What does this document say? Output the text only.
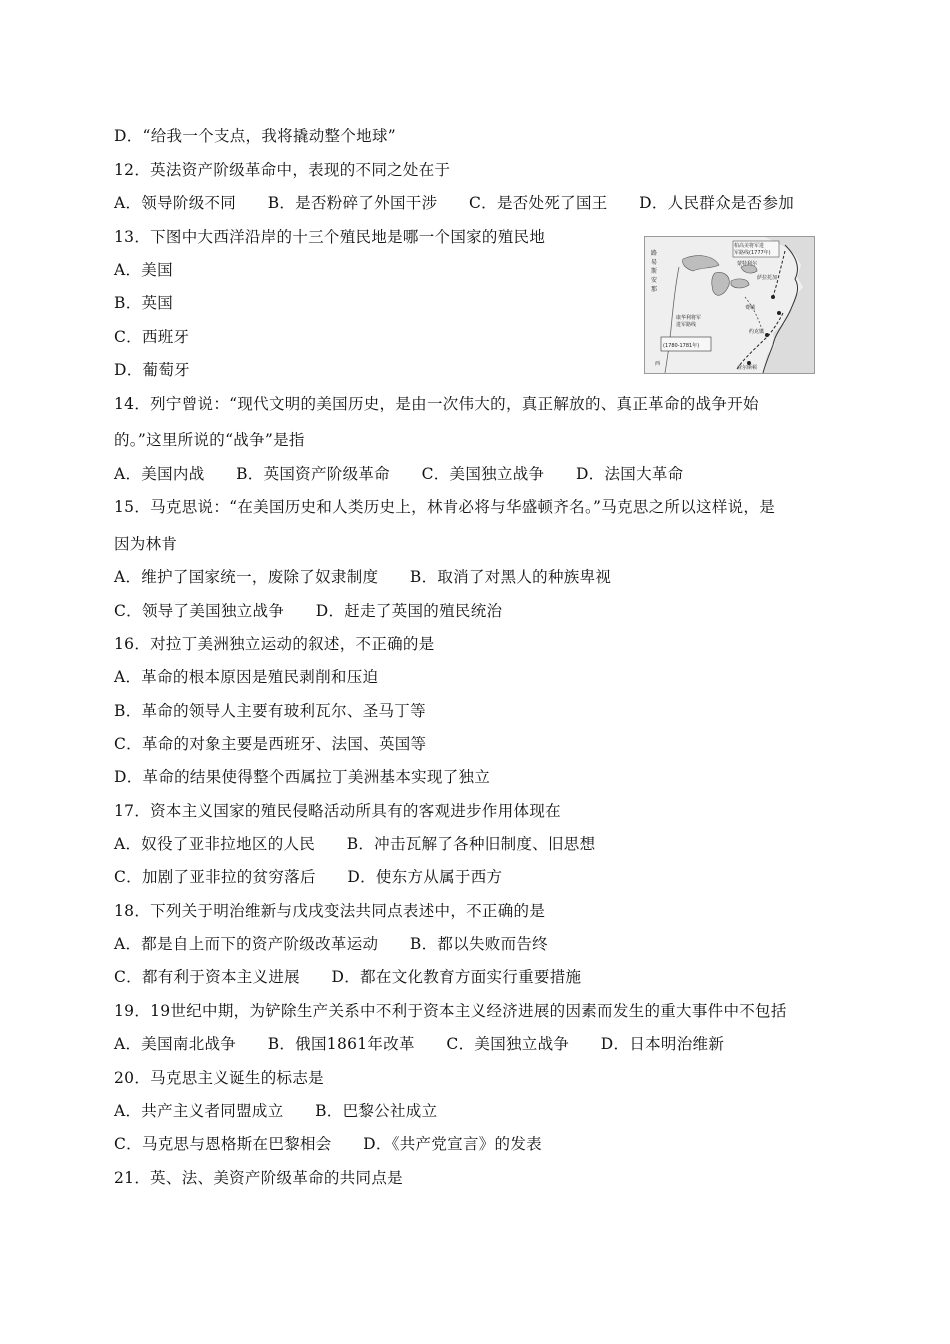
D．“给我一个支点，我将撬动整个地球”
12．英法资产阶级革命中，表现的不同之处在于
A．领导阶级不同　　B．是否粉碎了外国干涉　　C．是否处死了国王　　D．人民群众是否参加
13．下图中大西洋沿岸的十三个殖民地是哪一个国家的殖民地
A．美国
B．英国
C．西班牙
D．葡萄牙
14．列宁曾说：“现代文明的美国历史，是由一次伟大的，真正解放的、真正革命的战争开始
的。”这里所说的“战争”是指
A．美国内战　　B．英国资产阶级革命　　C．美国独立战争　　D．法国大革命
15．马克思说：“在美国历史和人类历史上，林肯必将与华盛顿齐名。”马克思之所以这样说，是
因为林肯
A．维护了国家统一，废除了奴隶制度　　B．取消了对黑人的种族卑视
C．领导了美国独立战争　　D．赶走了英国的殖民统治
16．对拉丁美洲独立运动的叙述，不正确的是
A．革命的根本原因是殖民剥削和压迫
B．革命的领导人主要有玻利瓦尔、圣马丁等
C．革命的对象主要是西班牙、法国、英国等
D．革命的结果使得整个西属拉丁美洲基本实现了独立
17．资本主义国家的殖民侵略活动所具有的客观进步作用体现在
A．奴役了亚非拉地区的人民　　B．冲击瓦解了各种旧制度、旧思想
C．加剧了亚非拉的贫穷落后　　D．使东方从属于西方
18．下列关于明治维新与戊戌变法共同点表述中，不正确的是
A．都是自上而下的资产阶级改革运动　　B．都以失败而告终
C．都有利于资本主义进展　　D．都在文化教育方面实行重要措施
19．19世纪中期，为铲除生产关系中不利于资本主义经济进展的因素而发生的重大事件中不包括
A．美国南北战争　　B．俄国1861年改革　　C．美国独立战争　　D．日本明治维新
20．马克思主义诞生的标志是
A．共产主义者同盟成立　　B．巴黎公社成立
C．马克思与恩格斯在巴黎相会　　D．《共产党宣言》的发表
21．英、法、美资产阶级革命的共同点是
柏高美将军进
军路线(1777年)
蒙特利尔
萨拉托加
康华利将军
进军路线
(1780-1781年)
费城
约克镇
查尔斯顿
西
路易斯安那
